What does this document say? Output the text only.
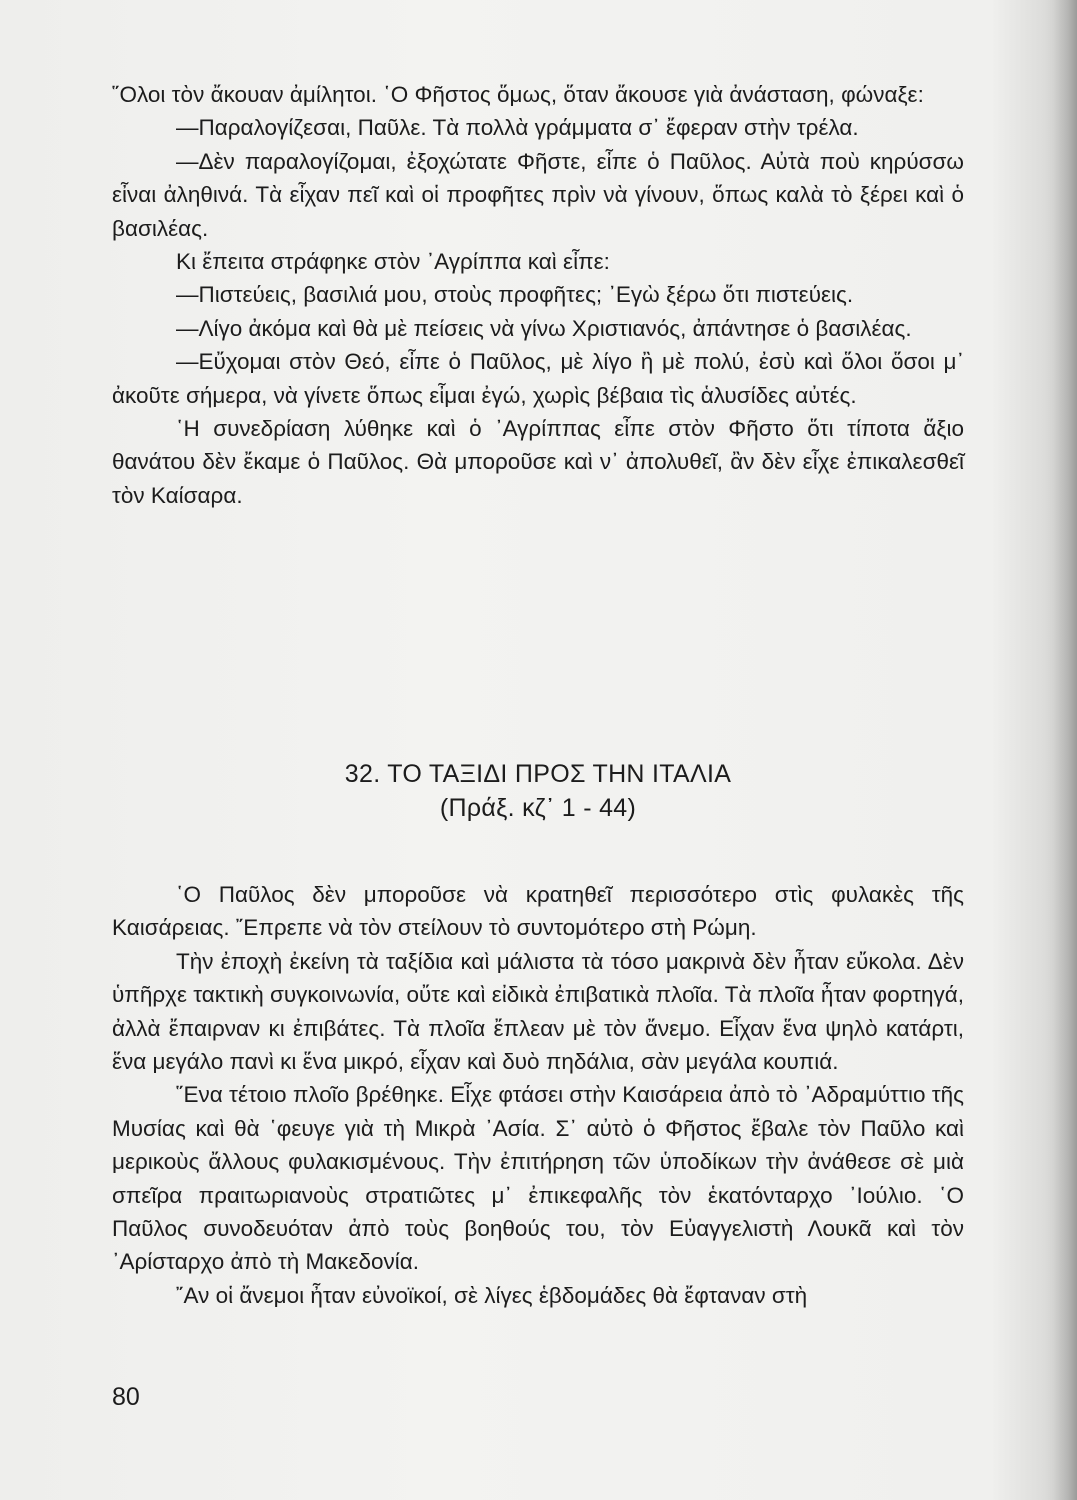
῞Ολοι τὸν ἄκουαν ἀμίλητοι. ῾Ο Φῆστος ὅμως, ὅταν ἄκουσε γιὰ ἀνάσταση, φώναξε:

—Παραλογίζεσαι, Παῦλε. Τὰ πολλὰ γράμματα σ᾽ ἔφεραν στὴν τρέλα.

—Δὲν παραλογίζομαι, ἐξοχώτατε Φῆστε, εἶπε ὁ Παῦλος. Αὐτὰ ποὺ κηρύσσω εἶναι ἀληθινά. Τὰ εἶχαν πεῖ καὶ οἱ προφῆτες πρὶν νὰ γίνουν, ὅπως καλὰ τὸ ξέρει καὶ ὁ βασιλέας.

Κι ἔπειτα στράφηκε στὸν ᾿Αγρίππα καὶ εἶπε:

—Πιστεύεις, βασιλιά μου, στοὺς προφῆτες; ᾿Εγὼ ξέρω ὅτι πιστεύεις.

—Λίγο ἀκόμα καὶ θὰ μὲ πείσεις νὰ γίνω Χριστιανός, ἀπάντησε ὁ βασιλέας.

—Εὔχομαι στὸν Θεό, εἶπε ὁ Παῦλος, μὲ λίγο ἢ μὲ πολύ, ἐσὺ καὶ ὅλοι ὅσοι μ᾽ ἀκοῦτε σήμερα, νὰ γίνετε ὅπως εἶμαι ἐγώ, χωρὶς βέβαια τὶς ἁλυσίδες αὐτές.

῾Η συνεδρίαση λύθηκε καὶ ὁ ᾿Αγρίππας εἶπε στὸν Φῆστο ὅτι τίποτα ἄξιο θανάτου δὲν ἔκαμε ὁ Παῦλος. Θὰ μποροῦσε καὶ ν᾽ ἀπολυθεῖ, ἂν δὲν εἶχε ἐπικαλεσθεῖ τὸν Καίσαρα.

32. ΤΟ ΤΑΞΙΔΙ ΠΡΟΣ ΤΗΝ ΙΤΑΛΙΑ
(Πράξ. κζ᾽ 1 - 44)

῾Ο Παῦλος δὲν μποροῦσε νὰ κρατηθεῖ περισσότερο στὶς φυλακὲς τῆς Καισάρειας. ῎Επρεπε νὰ τὸν στείλουν τὸ συντομότερο στὴ Ρώμη.

Τὴν ἐποχὴ ἐκείνη τὰ ταξίδια καὶ μάλιστα τὰ τόσο μακρινὰ δὲν ἦταν εὔκολα. Δὲν ὑπῆρχε τακτικὴ συγκοινωνία, οὔτε καὶ εἰδικὰ ἐπιβατικὰ πλοῖα. Τὰ πλοῖα ἦταν φορτηγά, ἀλλὰ ἔπαιρναν κι ἐπιβάτες. Τὰ πλοῖα ἔπλεαν μὲ τὸν ἄνεμο. Εἶχαν ἕνα ψηλὸ κατάρτι, ἕνα μεγάλο πανὶ κι ἕνα μικρό, εἶχαν καὶ δυὸ πηδάλια, σὰν μεγάλα κουπιά.

῞Ενα τέτοιο πλοῖο βρέθηκε. Εἶχε φτάσει στὴν Καισάρεια ἀπὸ τὸ ᾿Αδραμύττιο τῆς Μυσίας καὶ θὰ ῾φευγε γιὰ τὴ Μικρὰ ᾿Ασία. Σ᾽ αὐτὸ ὁ Φῆστος ἔβαλε τὸν Παῦλο καὶ μερικοὺς ἄλλους φυλακισμένους. Τὴν ἐπιτήρηση τῶν ὑποδίκων τὴν ἀνάθεσε σὲ μιὰ σπεῖρα πραιτωριανοὺς στρατιῶτες μ᾽ ἐπικεφαλῆς τὸν ἑκατόνταρχο ᾿Ιούλιο. ῾Ο Παῦλος συνοδευόταν ἀπὸ τοὺς βοηθούς του, τὸν Εὐαγγελιστὴ Λουκᾶ καὶ τὸν ᾿Αρίσταρχο ἀπὸ τὴ Μακεδονία.

῎Αν οἱ ἄνεμοι ἦταν εὐνοϊκοί, σὲ λίγες ἑβδομάδες θὰ ἔφταναν στὴ

80
